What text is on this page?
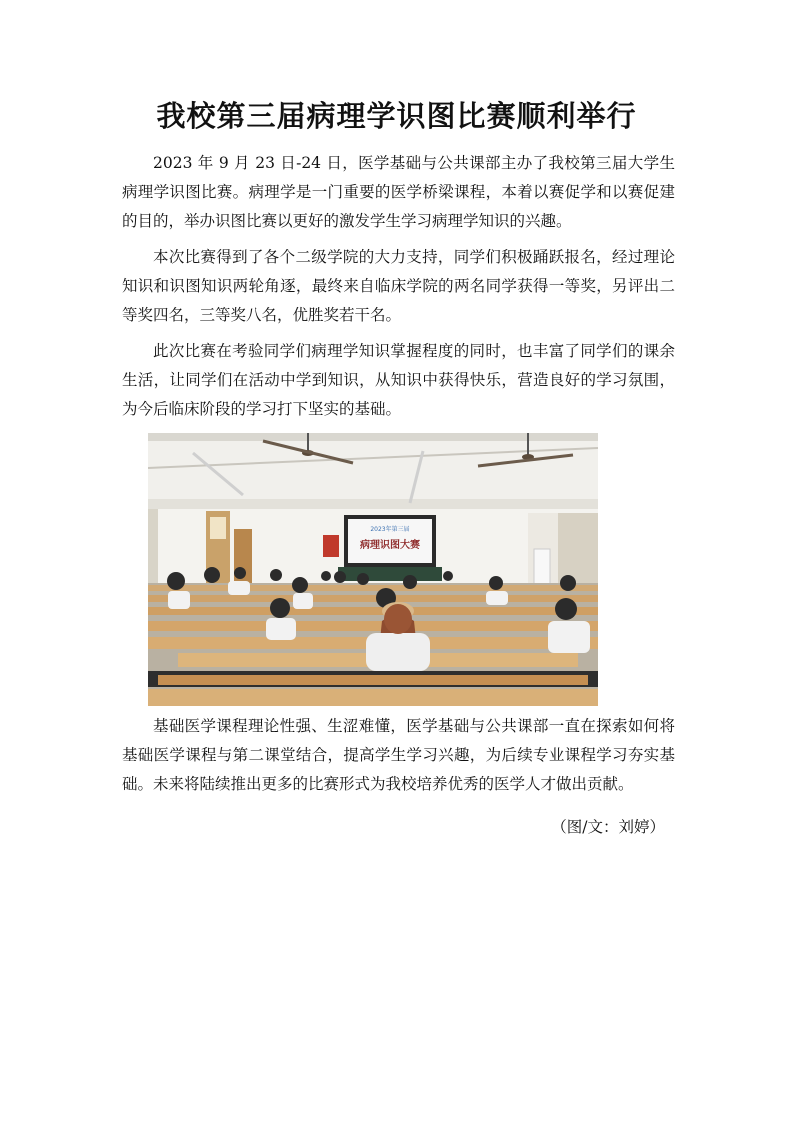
我校第三届病理学识图比赛顺利举行

2023 年 9 月 23 日-24 日，医学基础与公共课部主办了我校第三届大学生病理学识图比赛。病理学是一门重要的医学桥梁课程，本着以赛促学和以赛促建的目的，举办识图比赛以更好的激发学生学习病理学知识的兴趣。

本次比赛得到了各个二级学院的大力支持，同学们积极踊跃报名，经过理论知识和识图知识两轮角逐，最终来自临床学院的两名同学获得一等奖，另评出二等奖四名，三等奖八名，优胜奖若干名。

此次比赛在考验同学们病理学知识掌握程度的同时，也丰富了同学们的课余生活，让同学们在活动中学到知识，从知识中获得快乐，营造良好的学习氛围，为今后临床阶段的学习打下坚实的基础。

2023年第三届
病理识图大赛

基础医学课程理论性强、生涩难懂，医学基础与公共课部一直在探索如何将基础医学课程与第二课堂结合，提高学生学习兴趣，为后续专业课程学习夯实基础。未来将陆续推出更多的比赛形式为我校培养优秀的医学人才做出贡献。

（图/文：刘婷）
